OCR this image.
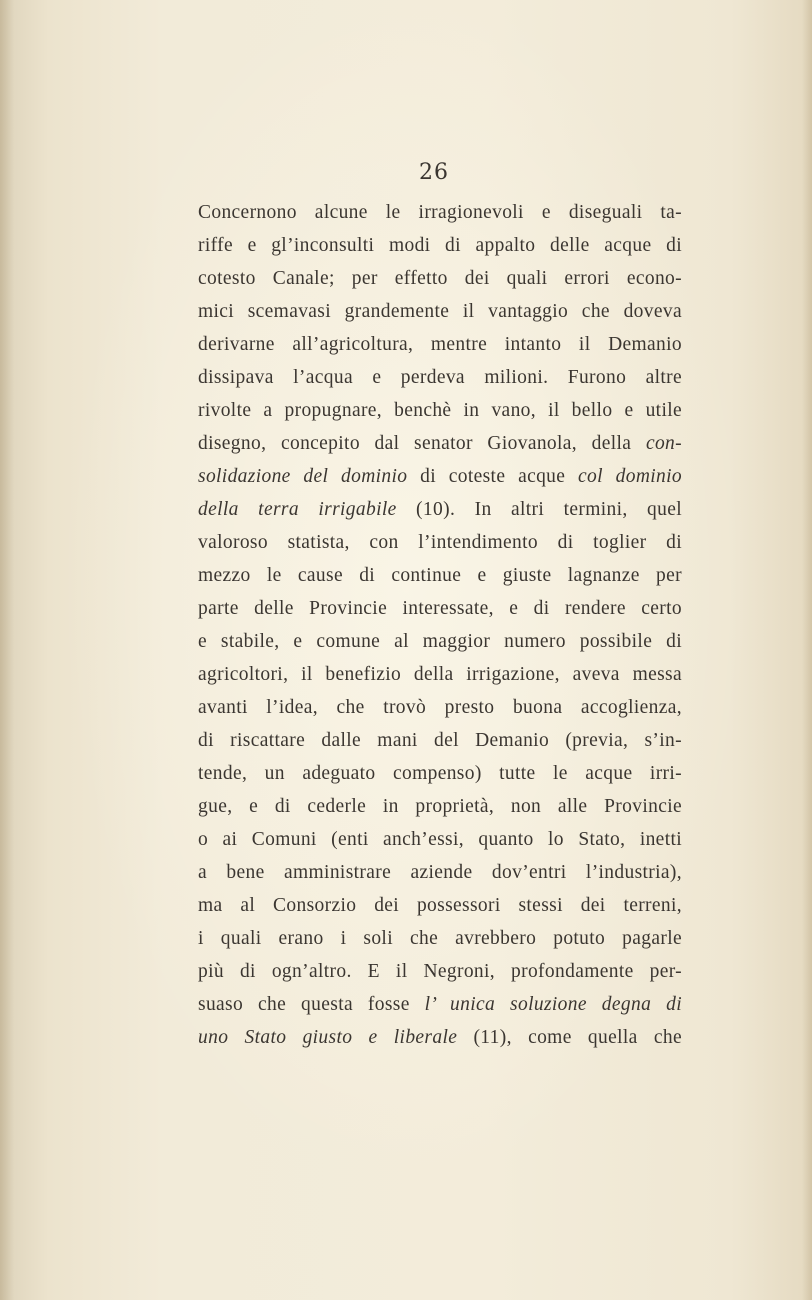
26
Concernono alcune le irragionevoli e diseguali ta-
riffe e gl’inconsulti modi di appalto delle acque di
cotesto Canale; per effetto dei quali errori econo-
mici scemavasi grandemente il vantaggio che doveva
derivarne all’agricoltura, mentre intanto il Demanio
dissipava l’acqua e perdeva milioni. Furono altre
rivolte a propugnare, benchè in vano, il bello e utile
disegno, concepito dal senator Giovanola, della con-
solidazione del dominio di coteste acque col dominio
della terra irrigabile (10). In altri termini, quel
valoroso statista, con l’intendimento di toglier di
mezzo le cause di continue e giuste lagnanze per
parte delle Provincie interessate, e di rendere certo
e stabile, e comune al maggior numero possibile di
agricoltori, il benefizio della irrigazione, aveva messa
avanti l’idea, che trovò presto buona accoglienza,
di riscattare dalle mani del Demanio (previa, s’in-
tende, un adeguato compenso) tutte le acque irri-
gue, e di cederle in proprietà, non alle Provincie
o ai Comuni (enti anch’essi, quanto lo Stato, inetti
a bene amministrare aziende dov’entri l’industria),
ma al Consorzio dei possessori stessi dei terreni,
i quali erano i soli che avrebbero potuto pagarle
più di ogn’altro. E il Negroni, profondamente per-
suaso che questa fosse l’ unica soluzione degna di
uno Stato giusto e liberale (11), come quella che
